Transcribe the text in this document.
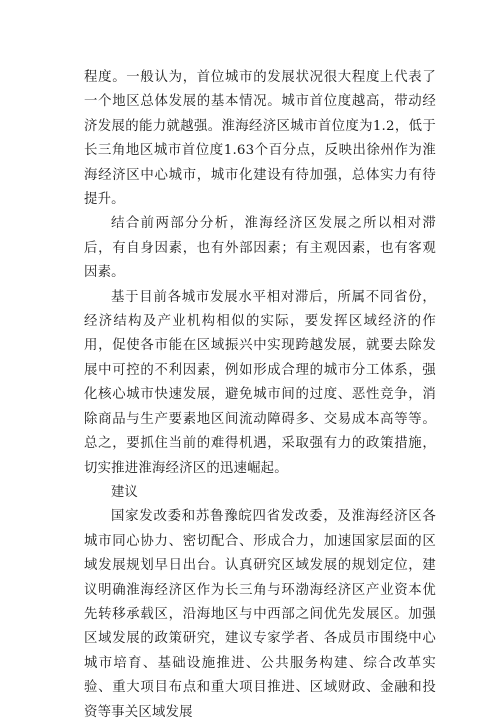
程度。一般认为，首位城市的发展状况很大程度上代表了一个地区总体发展的基本情况。城市首位度越高，带动经济发展的能力就越强。淮海经济区城市首位度为1.2，低于长三角地区城市首位度1.63个百分点，反映出徐州作为淮海经济区中心城市，城市化建设有待加强，总体实力有待提升。

结合前两部分分析，淮海经济区发展之所以相对滞后，有自身因素，也有外部因素；有主观因素，也有客观因素。

基于目前各城市发展水平相对滞后，所属不同省份，经济结构及产业机构相似的实际，要发挥区域经济的作用，促使各市能在区域振兴中实现跨越发展，就要去除发展中可控的不利因素，例如形成合理的城市分工体系，强化核心城市快速发展，避免城市间的过度、恶性竞争，消除商品与生产要素地区间流动障碍多、交易成本高等等。总之，要抓住当前的难得机遇，采取强有力的政策措施，切实推进淮海经济区的迅速崛起。

建议

国家发改委和苏鲁豫皖四省发改委，及淮海经济区各城市同心协力、密切配合、形成合力，加速国家层面的区域发展规划早日出台。认真研究区域发展的规划定位，建议明确淮海经济区作为长三角与环渤海经济区产业资本优先转移承载区，沿海地区与中西部之间优先发展区。加强区域发展的政策研究，建议专家学者、各成员市围绕中心城市培育、基础设施推进、公共服务构建、综合改革实验、重大项目布点和重大项目推进、区域财政、金融和投资等事关区域发展
